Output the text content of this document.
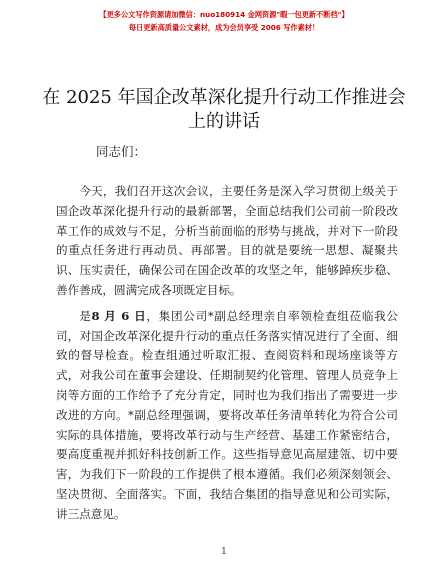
【更多公文写作资源请加微信：nuo180914 金网资源"暇一包更新不断档"】
每日更新高质量公文素材，成为会员享受 2006 写作素材！
在 2025 年国企改革深化提升行动工作推进会上的讲话
同志们：

今天，我们召开这次会议，主要任务是深入学习贯彻上级关于国企改革深化提升行动的最新部署，全面总结我们公司前一阶段改革工作的成效与不足，分析当前面临的形势与挑战，并对下一阶段的重点任务进行再动员、再部署。目的就是要统一思想、凝聚共识、压实责任，确保公司在国企改革的攻坚之年，能够踔疾步稳、善作善成，圆满完成各项既定目标。

是8 月 6 日，集团公司*副总经理亲自率领检查组莅临我公司，对国企改革深化提升行动的重点任务落实情况进行了全面、细致的督导检查。检查组通过听取汇报、查阅资料和现场座谈等方式，对我公司在董事会建设、任期制契约化管理、管理人员竞争上岗等方面的工作给予了充分肯定，同时也为我们指出了需要进一步改进的方向。*副总经理强调，要将改革任务清单转化为符合公司实际的具体措施，要将改革行动与生产经营、基建工作紧密结合，要高度重视并抓好科技创新工作。这些指导意见高屋建瓴、切中要害，为我们下一阶段的工作提供了根本遵循。我们必须深刻领会、坚决贯彻、全面落实。下面，我结合集团的指导意见和公司实际，讲三点意见。

1
